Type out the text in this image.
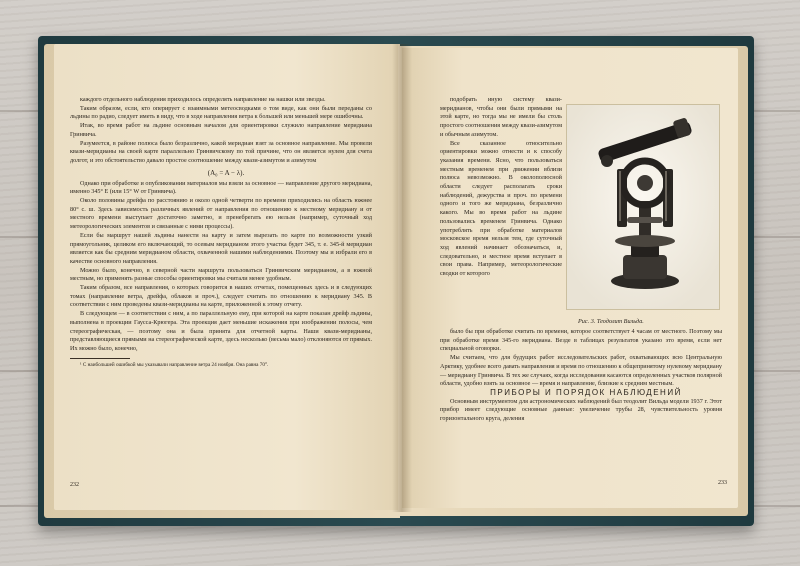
каждого отдельного наблюдения приходилось определять направление на нашки или звезды.

Таким образом, если, кто оперирует с взаимными метеосводками о том виде, как они были переданы со льдины по радио, следует иметь в виду, что в ходе направления ветра к большей или меньшей мере ошибочны.

Итак, во время работ на льдине основным началом для ориентировки служило направление меридиана Гринвича.

Разумеется, в районе полюса было безразлично, какой меридиан взят за основное направление. Мы провели квази-меридианы на своей карте параллельно Гринвичскому по той причине, что он является нулем для счета долгот, и это обстоятельство давало простое соотношение между квази-азимутом и азимутом

(A₀ = A − λ).

Однако при обработке и опубликовании материалов мы взяли за основное — направление другого меридиана, именно 345° E (или 15° W от Гринвича).

Около половины дрейфа по расстоянию и около одной четверти по времени приходились на область южнее 80° с. ш. Здесь зависимость различных явлений от направления по отношению к местному меридиану и от местного времени выступает достаточно заметно, и пренебрегать ею нельзя (например, суточный ход метеорологических элементов и связанные с ними процессы).

Если бы маршрут нашей льдины нанести на карту и затем вырезать по карте по возможности узкий прямоугольник, целиком его включающий, то осевым меридианом этого участка будет 345, т. е. 345-й меридиан является как бы средним меридианом области, охваченной нашими наблюдениями. Поэтому мы и избрали его в качестве основного направления.

Можно было, конечно, в северной части маршрута пользоваться Гринвичским меридианом, а в южной местным, но применять разные способы ориентировки мы считали менее удобным.

Таким образом, все направления, о которых говорится в наших отчетах, помещенных здесь и в следующих томах (направление ветра, дрейфа, облаков и проч.), следует считать по отношению к меридиану 345. В соответствии с ним проведены квази-меридианы на карте, приложенной к этому отчету.

В следующем — в соответствии с ним, а по параллельную ему, при которой на карте показан дрейф льдины, выполнена в проекции Гаусса-Крюгера. Эта проекция дает меньшие искажения при изображении полосы, чем стереографическая, — поэтому она и была принята для отчетной карты. Наши квази-меридианы, представляющиеся прямыми на стереографической карте, здесь несколько (весьма мало) отклоняются от прямых. Их можно было, конечно,

¹ С наибольшей ошибкой мы указывали направление ветра 24 ноября. Она равна 70°.

232

подобрать иную систему квази-меридианов, чтобы они были прямыми на этой карте, но тогда мы не имели бы столь простого соотношения между квази-азимутом и обычным азимутом.

Все сказанное относительно ориентировки можно отнести и к способу указания времени. Ясно, что пользоваться местным временем при движении вблизи полюса невозможно. В околополюсной области следует располагать сроки наблюдений, дежурства и проч. по времени одного и того же меридиана, безразлично какого. Мы во время работ на льдине пользовались временем Гринвича. Однако употреблять при обработке материалов московское время нельзя тем, где суточный ход явлений начинает обозначаться, и, следовательно, и местное время вступает в свои права. Например, метеорологические сводки от которого

Рис. 3. Теодолит Вильда.

было бы при обработке считать по времени, которое соответствует 4 часам от местного. Поэтому мы при обработке время 345-го меридиана. Везде в таблицах результатов указано это время, если нет специальной оговорки.

Мы считаем, что для будущих работ исследовательских работ, охватывающих всю Центральную Арктику, удобнее всего давать направления и время по отношению к общепринятому нулевому меридиану — меридиану Гринвича. В тех же случаях, когда исследования касаются определенных участков полярной области, удобно взять за основное — время и направление, близкие к средним местным.

ПРИБОРЫ И ПОРЯДОК НАБЛЮДЕНИЙ

Основным инструментом для астрономических наблюдений был теодолит Вильда модели 1937 г. Этот прибор имеет следующие основные данные: увеличение трубы 28, чувствительность уровня горизонтального круга, деления

233
